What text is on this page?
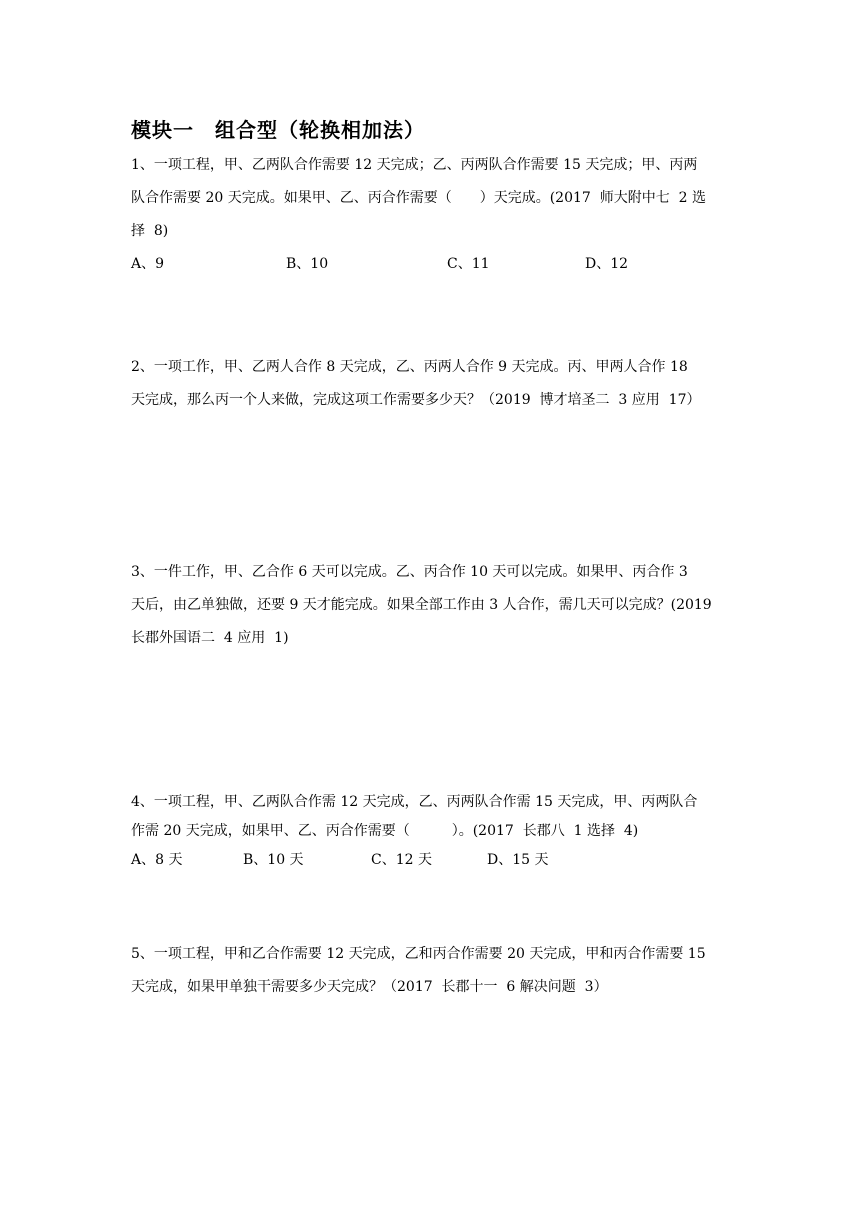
模块一　组合型（轮换相加法）
1、一项工程，甲、乙两队合作需要 12 天完成；乙、丙两队合作需要 15 天完成；甲、丙两
队合作需要 20 天完成。如果甲、乙、丙合作需要（　　）天完成。(2017  师大附中七  2 选
择  8)
A、9	B、10	C、11	D、12
2、一项工作，甲、乙两人合作 8 天完成，乙、丙两人合作 9 天完成。丙、甲两人合作 18
天完成，那么丙一个人来做，完成这项工作需要多少天？（2019  博才培圣二  3 应用  17）
3、一件工作，甲、乙合作 6 天可以完成。乙、丙合作 10 天可以完成。如果甲、丙合作 3
天后，由乙单独做，还要 9 天才能完成。如果全部工作由 3 人合作，需几天可以完成？(2019
长郡外国语二  4 应用  1)
4、一项工程，甲、乙两队合作需 12 天完成，乙、丙两队合作需 15 天完成，甲、丙两队合
作需 20 天完成，如果甲、乙、丙合作需要（　　　）。(2017  长郡八  1 选择  4)
A、8 天	B、10 天	C、12 天	D、15 天
5、一项工程，甲和乙合作需要 12 天完成，乙和丙合作需要 20 天完成，甲和丙合作需要 15
天完成，如果甲单独干需要多少天完成？（2017  长郡十一  6 解决问题  3）
